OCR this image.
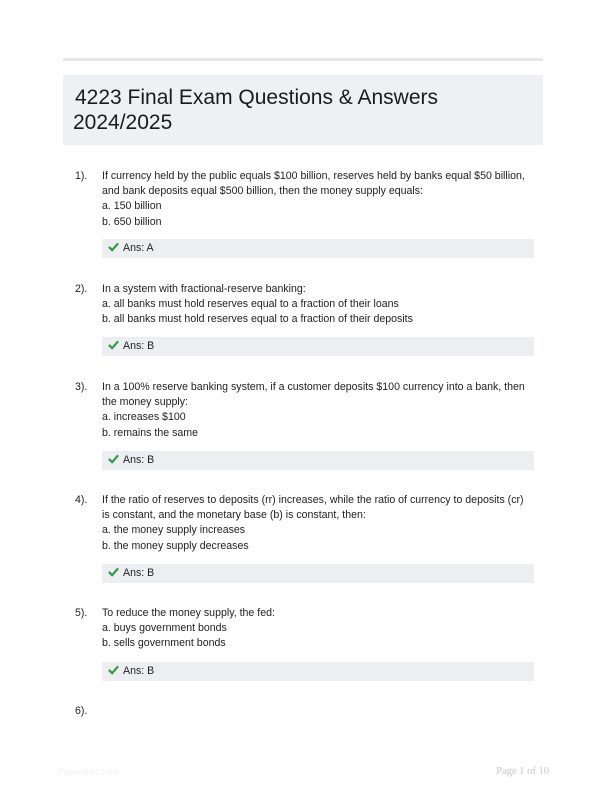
4223 Final Exam Questions & Answers
2024/2025
1). If currency held by the public equals $100 billion, reserves held by banks equal $50 billion,
and bank deposits equal $500 billion, then the money supply equals:
a. 150 billion
b. 650 billion
Ans: A
2). In a system with fractional-reserve banking:
a. all banks must hold reserves equal to a fraction of their loans
b. all banks must hold reserves equal to a fraction of their deposits
Ans: B
3). In a 100% reserve banking system, if a customer deposits $100 currency into a bank, then
the money supply:
a. increases $100
b. remains the same
Ans: B
4). If the ratio of reserves to deposits (rr) increases, while the ratio of currency to deposits (cr)
is constant, and the monetary base (b) is constant, then:
a. the money supply increases
b. the money supply decreases
Ans: B
5). To reduce the money supply, the fed:
a. buys government bonds
b. sells government bonds
Ans: B
6).
Papertibic.com	Page 1 of 10
